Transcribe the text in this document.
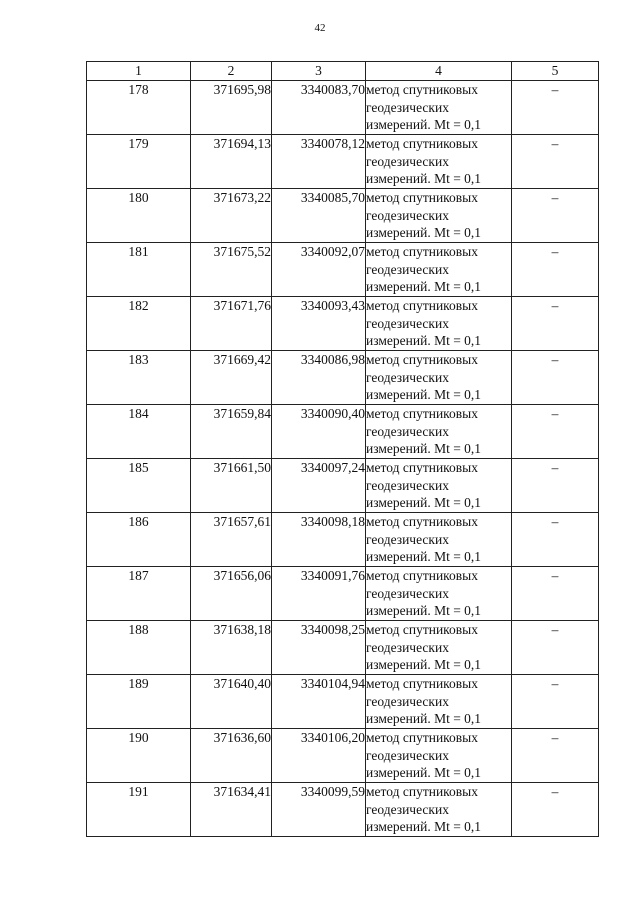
42
1	2	3	4	5
178	371695,98	3340083,70	метод спутниковых
геодезических
измерений. Mt = 0,1	–
179	371694,13	3340078,12	метод спутниковых
геодезических
измерений. Mt = 0,1	–
180	371673,22	3340085,70	метод спутниковых
геодезических
измерений. Mt = 0,1	–
181	371675,52	3340092,07	метод спутниковых
геодезических
измерений. Mt = 0,1	–
182	371671,76	3340093,43	метод спутниковых
геодезических
измерений. Mt = 0,1	–
183	371669,42	3340086,98	метод спутниковых
геодезических
измерений. Mt = 0,1	–
184	371659,84	3340090,40	метод спутниковых
геодезических
измерений. Mt = 0,1	–
185	371661,50	3340097,24	метод спутниковых
геодезических
измерений. Mt = 0,1	–
186	371657,61	3340098,18	метод спутниковых
геодезических
измерений. Mt = 0,1	–
187	371656,06	3340091,76	метод спутниковых
геодезических
измерений. Mt = 0,1	–
188	371638,18	3340098,25	метод спутниковых
геодезических
измерений. Mt = 0,1	–
189	371640,40	3340104,94	метод спутниковых
геодезических
измерений. Mt = 0,1	–
190	371636,60	3340106,20	метод спутниковых
геодезических
измерений. Mt = 0,1	–
191	371634,41	3340099,59	метод спутниковых
геодезических
измерений. Mt = 0,1	–
